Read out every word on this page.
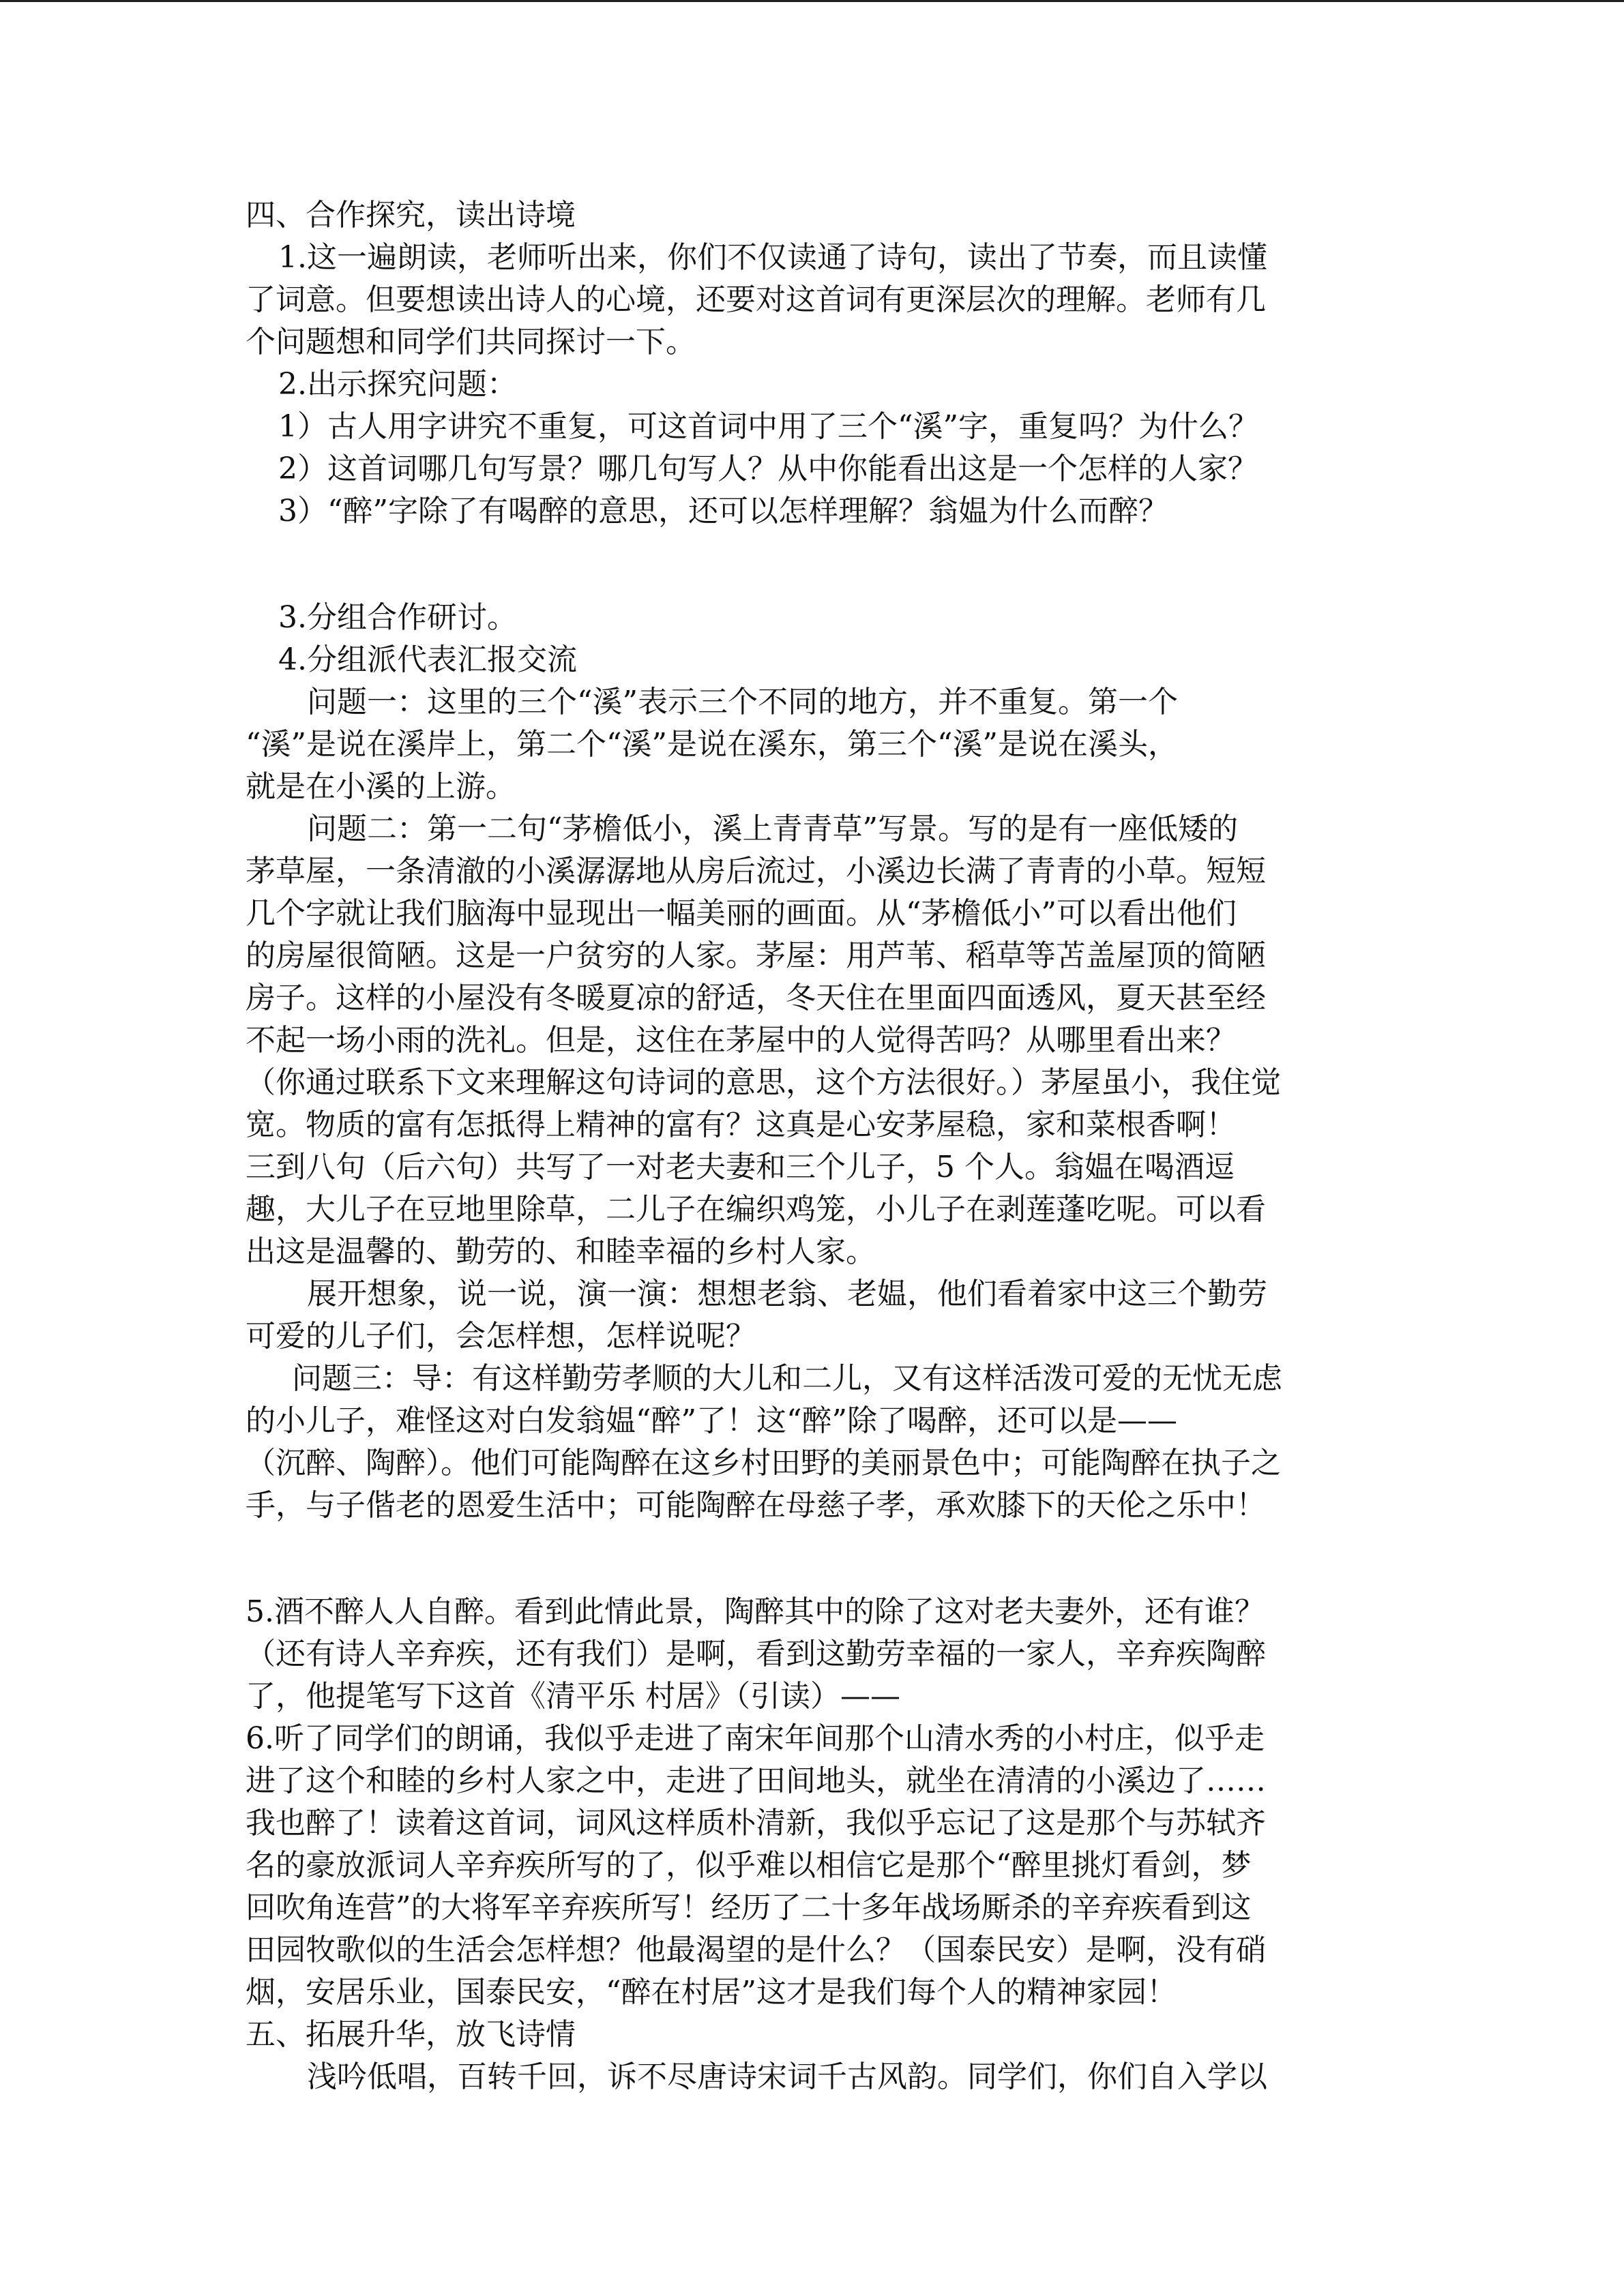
四、合作探究，读出诗境

1.这一遍朗读，老师听出来，你们不仅读通了诗句，读出了节奏，而且读懂

了词意。但要想读出诗人的心境，还要对这首词有更深层次的理解。老师有几

个问题想和同学们共同探讨一下。

2.出示探究问题：

1）古人用字讲究不重复，可这首词中用了三个“溪”字，重复吗？为什么？

2）这首词哪几句写景？哪几句写人？从中你能看出这是一个怎样的人家？

3）“醉”字除了有喝醉的意思，还可以怎样理解？翁媪为什么而醉？

3.分组合作研讨。

4.分组派代表汇报交流

问题一：这里的三个“溪”表示三个不同的地方，并不重复。第一个

“溪”是说在溪岸上，第二个“溪”是说在溪东，第三个“溪”是说在溪头，

就是在小溪的上游。

问题二：第一二句“茅檐低小，溪上青青草”写景。写的是有一座低矮的

茅草屋，一条清澈的小溪潺潺地从房后流过，小溪边长满了青青的小草。短短

几个字就让我们脑海中显现出一幅美丽的画面。从“茅檐低小”可以看出他们

的房屋很简陋。这是一户贫穷的人家。茅屋：用芦苇、稻草等苫盖屋顶的简陋

房子。这样的小屋没有冬暖夏凉的舒适，冬天住在里面四面透风，夏天甚至经

不起一场小雨的洗礼。但是，这住在茅屋中的人觉得苦吗？从哪里看出来？

（你通过联系下文来理解这句诗词的意思，这个方法很好。）茅屋虽小，我住觉

宽。物质的富有怎抵得上精神的富有？这真是心安茅屋稳，家和菜根香啊！

三到八句（后六句）共写了一对老夫妻和三个儿子，5 个人。翁媪在喝酒逗

趣，大儿子在豆地里除草，二儿子在编织鸡笼，小儿子在剥莲蓬吃呢。可以看

出这是温馨的、勤劳的、和睦幸福的乡村人家。

展开想象，说一说，演一演：想想老翁、老媪，他们看着家中这三个勤劳

可爱的儿子们，会怎样想，怎样说呢？

问题三：导：有这样勤劳孝顺的大儿和二儿，又有这样活泼可爱的无忧无虑

的小儿子，难怪这对白发翁媪“醉”了！这“醉”除了喝醉，还可以是——

（沉醉、陶醉）。他们可能陶醉在这乡村田野的美丽景色中；可能陶醉在执子之

手，与子偕老的恩爱生活中；可能陶醉在母慈子孝，承欢膝下的天伦之乐中！

5.酒不醉人人自醉。看到此情此景，陶醉其中的除了这对老夫妻外，还有谁？

（还有诗人辛弃疾，还有我们）是啊，看到这勤劳幸福的一家人，辛弃疾陶醉

了，他提笔写下这首《清平乐 村居》（引读）——

6.听了同学们的朗诵，我似乎走进了南宋年间那个山清水秀的小村庄，似乎走

进了这个和睦的乡村人家之中，走进了田间地头，就坐在清清的小溪边了……

我也醉了！读着这首词，词风这样质朴清新，我似乎忘记了这是那个与苏轼齐

名的豪放派词人辛弃疾所写的了，似乎难以相信它是那个“醉里挑灯看剑，梦

回吹角连营”的大将军辛弃疾所写！经历了二十多年战场厮杀的辛弃疾看到这

田园牧歌似的生活会怎样想？他最渴望的是什么？（国泰民安）是啊，没有硝

烟，安居乐业，国泰民安，“醉在村居”这才是我们每个人的精神家园！

五、拓展升华，放飞诗情

浅吟低唱，百转千回，诉不尽唐诗宋词千古风韵。同学们，你们自入学以
